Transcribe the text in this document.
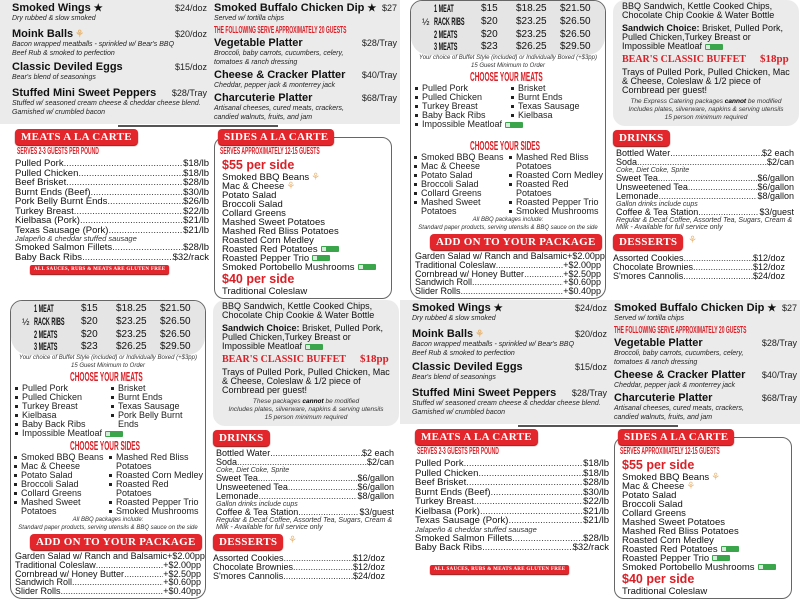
Smoked Wings ★	$24/doz
Dry rubbed & slow smoked
Moink Balls ⚘	$20/doz
Bacon wrapped meatballs - sprinkled w/ Bear's BBQ Beef Rub & smoked to perfection
Classic Deviled Eggs	$15/doz
Bear's blend of seasonings
Stuffed Mini Sweet Peppers $28/Tray
Stuffed w/ seasoned cream cheese & cheddar cheese blend. Garnished w/ crumbled bacon
Smoked Buffalo Chicken Dip ★ $27
Served w/ tortilla chips
THE FOLLOWING SERVE APPROXIMATELY 20 GUESTS
Vegetable Platter	$28/Tray
Broccoli, baby carrots, cucumbers, celery, tomatoes & ranch dressing
Cheese & Cracker Platter $40/Tray
Cheddar, pepper jack & monterrey jack
Charcuterie Platter	$68/Tray
Artisanal cheeses, cured meats, crackers, candied walnuts, fruits, and jam
MEATS A LA CARTE
SERVES 2-3 GUESTS PER POUND
Pulled Pork .....	$18/lb
Pulled Chicken .....	$18/lb
Beef Brisket .....	$28/lb
Burnt Ends (Beef) .....	$30/lb
Pork Belly Burnt Ends .....	$26/lb
Turkey Breast .....	$22/lb
Kielbasa (Pork) .....	$21/lb
Texas Sausage (Pork) .....	$21/lb
Jalapeño & cheddar stuffed sausage
Smoked Salmon Fillets .....	$28/lb
Baby Back Ribs .....	$32/rack
ALL SAUCES, RUBS & MEATS ARE GLUTEN FREE
SIDES A LA CARTE
SERVES APPROXIMATELY 12-15 GUESTS
$55 per side
Smoked BBQ Beans ⚘
Mac & Cheese ⚘
Potato Salad
Broccoli Salad
Collard Greens
Mashed Sweet Potatoes
Mashed Red Bliss Potatoes
Roasted Corn Medley
Roasted Red Potatoes
Roasted Pepper Trio
Smoked Portobello Mushrooms
$40 per side
Traditional Coleslaw
1 MEAT	$15 $18.25 $21.50
½ RACK RIBS $20 $23.25 $26.50
2 MEATS $20 $23.25 $26.50
3 MEATS $23 $26.25 $29.50
Your choice of Buffet Style (included) or Individually Boxed (+$3pp)
15 Guest Minimum to Order
CHOOSE YOUR MEATS
Pulled Pork
Pulled Chicken
Turkey Breast
Baby Back Ribs
Impossible Meatloaf
Brisket
Burnt Ends
Texas Sausage
Kielbasa
CHOOSE YOUR SIDES
Smoked BBQ Beans
Mac & Cheese
Potato Salad
Broccoli Salad
Collard Greens
Mashed Sweet Potatoes
Mashed Red Bliss Potatoes
Roasted Corn Medley
Roasted Red Potatoes
Roasted Pepper Trio
Smoked Mushrooms
All BBQ packages include:
Standard paper products, serving utensils & BBQ sauce on the side
ADD ON TO YOUR PACKAGE
Garden Salad w/ Ranch and Balsamic +$2.00pp
Traditional Coleslaw .....	+$2.00pp
Cornbread w/ Honey Butter .....	+$2.50pp
Sandwich Roll .....	+$0.60pp
Slider Rolls .....	+$0.40pp
BBQ Sandwich, Kettle Cooked Chips, Chocolate Chip Cookie & Water Bottle
Sandwich Choice: Brisket, Pulled Pork, Pulled Chicken,Turkey Breast or Impossible Meatloaf
BEAR'S CLASSIC BUFFET $18pp
Trays of Pulled Pork, Pulled Chicken, Mac & Cheese, Coleslaw & 1/2 piece of Cornbread per guest!
The Express Catering packages cannot be modified
Includes plates, silverware, napkins & serving utensils
15 person minimum required
DRINKS
Bottled Water .....	$2 each
Soda .....	$2/can
Coke, Diet Coke, Sprite
Sweet Tea .....	$6/gallon
Unsweetened Tea .....	$6/gallon
Lemonade .....	$8/gallon
Gallon drinks include cups
Coffee & Tea Station .....	$3/guest
Regular & Decaf Coffee, Assorted Tea, Sugars, Cream & Milk - Available for full service only
DESSERTS	⚘
Assorted Cookies .....	$12/doz
Chocolate Brownies .....	$12/doz
S'mores Cannolis .....	$24/doz
1 MEAT	$15 $18.25 $21.50
½ RACK RIBS $20 $23.25 $26.50
2 MEATS $20 $23.25 $26.50
3 MEATS $23 $26.25 $29.50
Your choice of Buffet Style (included) or Individually Boxed (+$3pp)
15 Guest Minimum to Order
CHOOSE YOUR MEATS
Pulled Pork
Pulled Chicken
Turkey Breast
Kielbasa
Baby Back Ribs
Impossible Meatloaf
Brisket
Burnt Ends
Texas Sausage
Pork Belly Burnt Ends
CHOOSE YOUR SIDES
Smoked BBQ Beans
Mac & Cheese
Potato Salad
Broccoli Salad
Collard Greens
Mashed Sweet Potatoes
Mashed Red Bliss Potatoes
Roasted Corn Medley
Roasted Red Potatoes
Roasted Pepper Trio
Smoked Mushrooms
All BBQ packages include:
Standard paper products, serving utensils & BBQ sauce on the side
ADD ON TO YOUR PACKAGE
Garden Salad w/ Ranch and Balsamic +$2.00pp
Traditional Coleslaw .....	+$2.00pp
Cornbread w/ Honey Butter .....	+$2.50pp
Sandwich Roll .....	+$0.60pp
Slider Rolls .....	+$0.40pp
BBQ Sandwich, Kettle Cooked Chips, Chocolate Chip Cookie & Water Bottle
Sandwich Choice: Brisket, Pulled Pork, Pulled Chicken,Turkey Breast or Impossible Meatloaf
BEAR'S CLASSIC BUFFET $18pp
Trays of Pulled Pork, Pulled Chicken, Mac & Cheese, Coleslaw & 1/2 piece of Cornbread per guest!
These packages cannot be modified
Includes plates, silverware, napkins & serving utensils
15 person minimum required
DRINKS
Bottled Water .....	$2 each
Soda .....	$2/can
Coke, Diet Coke, Sprite
Sweet Tea .....	$6/gallon
Unsweetened Tea .....	$6/gallon
Lemonade .....	$8/gallon
Gallon drinks include cups
Coffee & Tea Station .....	$3/guest
Regular & Decaf Coffee, Assorted Tea, Sugars, Cream & Milk - Available for full service only
DESSERTS	⚘
Assorted Cookies .....	$12/doz
Chocolate Brownies .....	$12/doz
S'mores Cannolis .....	$24/doz
Smoked Wings ★	$24/doz
Dry rubbed & slow smoked
Moink Balls ⚘	$20/doz
Bacon wrapped meatballs - sprinkled w/ Bear's BBQ Beef Rub & smoked to perfection
Classic Deviled Eggs	$15/doz
Bear's blend of seasonings
Stuffed Mini Sweet Peppers $28/Tray
Stuffed w/ seasoned cream cheese & cheddar cheese blend. Garnished w/ crumbled bacon
Smoked Buffalo Chicken Dip ★ $27
Served w/ tortilla chips
THE FOLLOWING SERVE APPROXIMATELY 20 GUESTS
Vegetable Platter	$28/Tray
Broccoli, baby carrots, cucumbers, celery, tomatoes & ranch dressing
Cheese & Cracker Platter $40/Tray
Cheddar, pepper jack & monterrey jack
Charcuterie Platter	$68/Tray
Artisanal cheeses, cured meats, crackers, candied walnuts, fruits, and jam
MEATS A LA CARTE
SERVES 2-3 GUESTS PER POUND
Pulled Pork .....	$18/lb
Pulled Chicken .....	$18/lb
Beef Brisket .....	$28/lb
Burnt Ends (Beef) .....	$30/lb
Turkey Breast .....	$22/lb
Kielbasa (Pork) .....	$21/lb
Texas Sausage (Pork) .....	$21/lb
Jalapeño & cheddar stuffed sausage
Smoked Salmon Fillets .....	$28/lb
Baby Back Ribs .....	$32/rack
ALL SAUCES, RUBS & MEATS ARE GLUTEN FREE
SIDES A LA CARTE
SERVES APPROXIMATELY 12-15 GUESTS
$55 per side
Smoked BBQ Beans ⚘
Mac & Cheese ⚘
Potato Salad
Broccoli Salad
Collard Greens
Mashed Sweet Potatoes
Mashed Red Bliss Potatoes
Roasted Corn Medley
Roasted Red Potatoes
Roasted Pepper Trio
Smoked Portobello Mushrooms
$40 per side
Traditional Coleslaw
